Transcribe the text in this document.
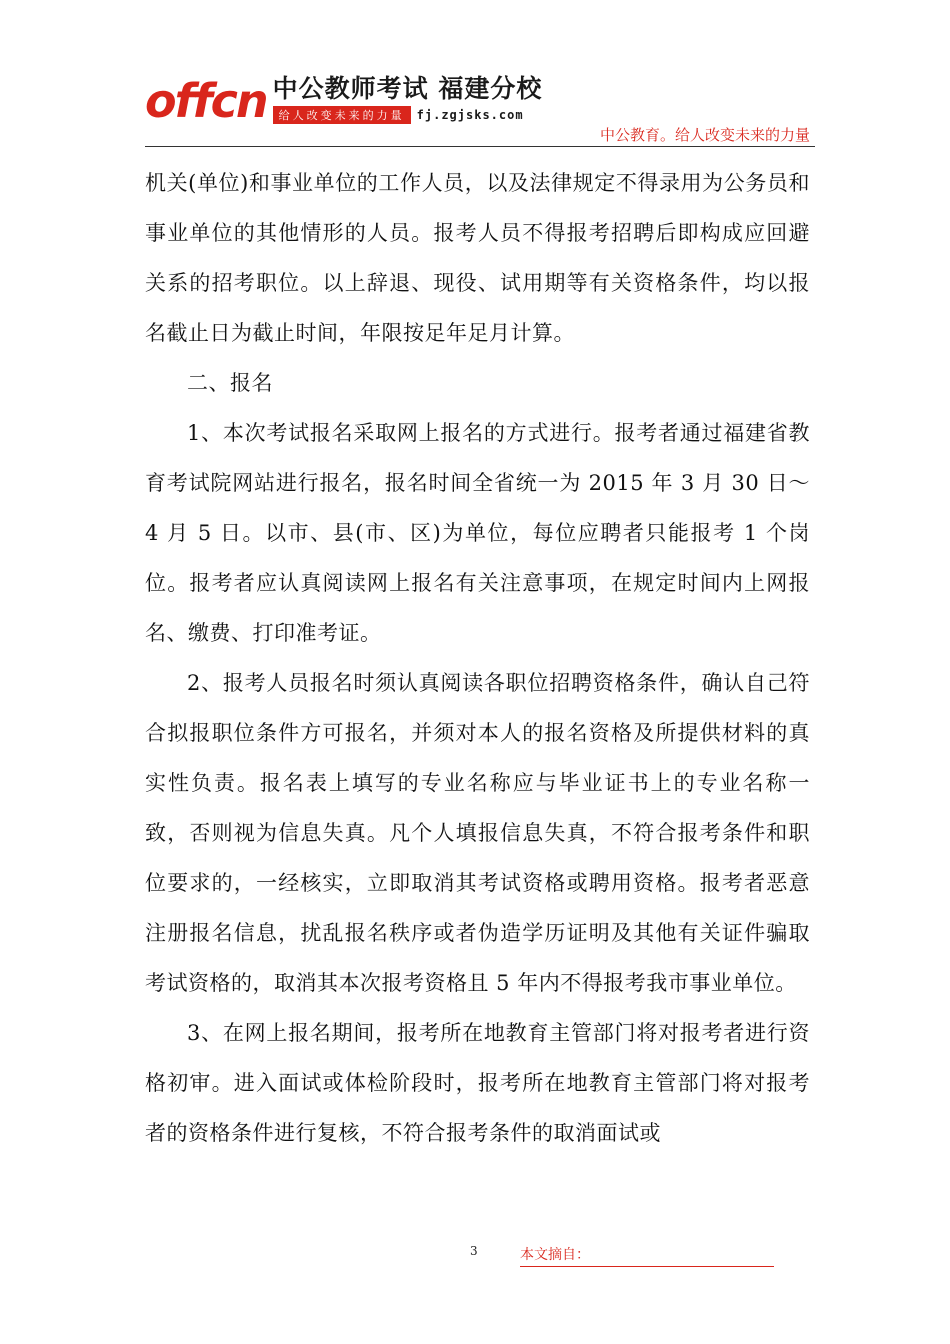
offcn 中公教师考试 福建分校
给人改变未来的力量	fj.zgjsks.com
中公教育。给人改变未来的力量

机关(单位)和事业单位的工作人员，以及法律规定不得录用为公务员和事业单位的其他情形的人员。报考人员不得报考招聘后即构成应回避关系的招考职位。以上辞退、现役、试用期等有关资格条件，均以报名截止日为截止时间，年限按足年足月计算。

二、报名

1、本次考试报名采取网上报名的方式进行。报考者通过福建省教育考试院网站进行报名，报名时间全省统一为 2015 年 3 月 30 日～4 月 5 日。以市、县(市、区)为单位，每位应聘者只能报考 1 个岗位。报考者应认真阅读网上报名有关注意事项，在规定时间内上网报名、缴费、打印准考证。

2、报考人员报名时须认真阅读各职位招聘资格条件，确认自己符合拟报职位条件方可报名，并须对本人的报名资格及所提供材料的真实性负责。报名表上填写的专业名称应与毕业证书上的专业名称一致，否则视为信息失真。凡个人填报信息失真，不符合报考条件和职位要求的，一经核实，立即取消其考试资格或聘用资格。报考者恶意注册报名信息，扰乱报名秩序或者伪造学历证明及其他有关证件骗取考试资格的，取消其本次报考资格且 5 年内不得报考我市事业单位。

3、在网上报名期间，报考所在地教育主管部门将对报考者进行资格初审。进入面试或体检阶段时，报考所在地教育主管部门将对报考者的资格条件进行复核，不符合报考条件的取消面试或

3	本文摘自：
